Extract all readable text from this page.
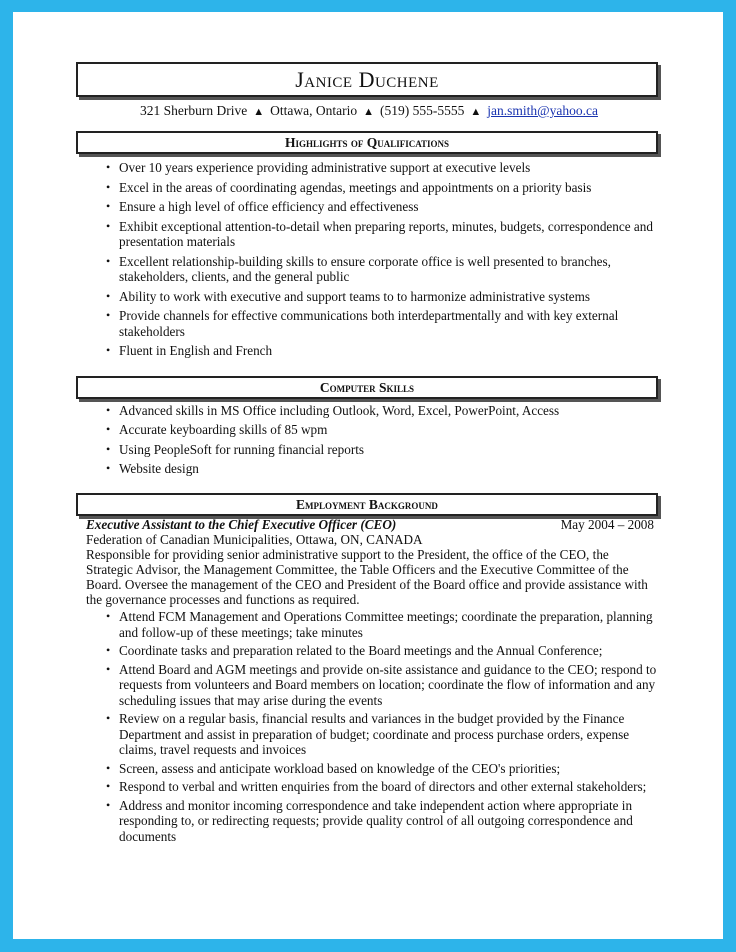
Janice Duchene
321 Sherburn Drive ▲ Ottawa, Ontario ▲ (519) 555-5555 ▲ jan.smith@yahoo.ca
Highlights of Qualifications
• Over 10 years experience providing administrative support at executive levels
• Excel in the areas of coordinating agendas, meetings and appointments on a priority basis
• Ensure a high level of office efficiency and effectiveness
• Exhibit exceptional attention-to-detail when preparing reports, minutes, budgets, correspondence and presentation materials
• Excellent relationship-building skills to ensure corporate office is well presented to branches, stakeholders, clients, and the general public
• Ability to work with executive and support teams to to harmonize administrative systems
• Provide channels for effective communications both interdepartmentally and with key external stakeholders
• Fluent in English and French
Computer Skills
• Advanced skills in MS Office including Outlook, Word, Excel, PowerPoint, Access
• Accurate keyboarding skills of 85 wpm
• Using PeopleSoft for running financial reports
• Website design
Employment Background
Executive Assistant to the Chief Executive Officer (CEO)	May 2004 – 2008
Federation of Canadian Municipalities, Ottawa, ON, CANADA
Responsible for providing senior administrative support to the President, the office of the CEO, the Strategic Advisor, the Management Committee, the Table Officers and the Executive Committee of the Board. Oversee the management of the CEO and President of the Board office and provide assistance with the governance processes and functions as required.
• Attend FCM Management and Operations Committee meetings; coordinate the preparation, planning and follow-up of these meetings; take minutes
• Coordinate tasks and preparation related to the Board meetings and the Annual Conference;
• Attend Board and AGM meetings and provide on-site assistance and guidance to the CEO; respond to requests from volunteers and Board members on location; coordinate the flow of information and any scheduling issues that may arise during the events
• Review on a regular basis, financial results and variances in the budget provided by the Finance Department and assist in preparation of budget; coordinate and process purchase orders, expense claims, travel requests and invoices
• Screen, assess and anticipate workload based on knowledge of the CEO's priorities;
• Respond to verbal and written enquiries from the board of directors and other external stakeholders;
• Address and monitor incoming correspondence and take independent action where appropriate in responding to, or redirecting requests; provide quality control of all outgoing correspondence and documents
